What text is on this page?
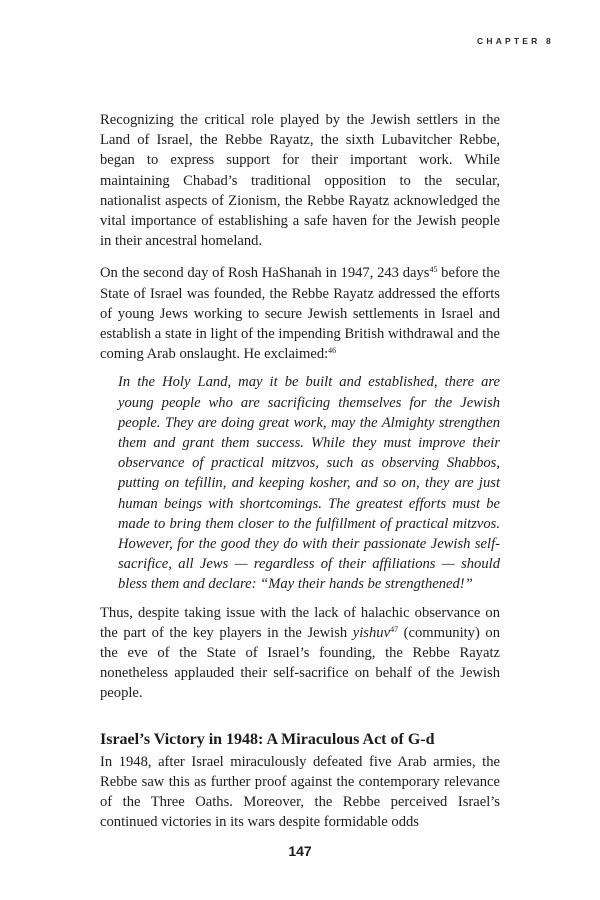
CHAPTER 8

Recognizing the critical role played by the Jewish settlers in the Land of Israel, the Rebbe Rayatz, the sixth Lubavitcher Rebbe, began to express support for their important work. While maintaining Chabad’s traditional opposition to the secular, nationalist aspects of Zionism, the Rebbe Rayatz acknowledged the vital importance of establishing a safe haven for the Jewish people in their ancestral homeland.

On the second day of Rosh HaShanah in 1947, 243 days$^{45}$ before the State of Israel was founded, the Rebbe Rayatz addressed the efforts of young Jews working to secure Jewish settlements in Israel and establish a state in light of the impending British withdrawal and the coming Arab onslaught. He exclaimed:$^{46}$

In the Holy Land, may it be built and established, there are young people who are sacrificing themselves for the Jewish people. They are doing great work, may the Almighty strengthen them and grant them success. While they must improve their observance of practical mitzvos, such as observing Shabbos, putting on tefillin, and keeping kosher, and so on, they are just human beings with shortcomings. The greatest efforts must be made to bring them closer to the fulfillment of practical mitzvos. However, for the good they do with their passionate Jewish self-sacrifice, all Jews — regardless of their affiliations — should bless them and declare: “May their hands be strengthened!”

Thus, despite taking issue with the lack of halachic observance on the part of the key players in the Jewish yishuv$^{47}$ (community) on the eve of the State of Israel’s founding, the Rebbe Rayatz nonetheless applauded their self-sacrifice on behalf of the Jewish people.

Israel’s Victory in 1948: A Miraculous Act of G-d

In 1948, after Israel miraculously defeated five Arab armies, the Rebbe saw this as further proof against the contemporary relevance of the Three Oaths. Moreover, the Rebbe perceived Israel’s continued victories in its wars despite formidable odds

147
